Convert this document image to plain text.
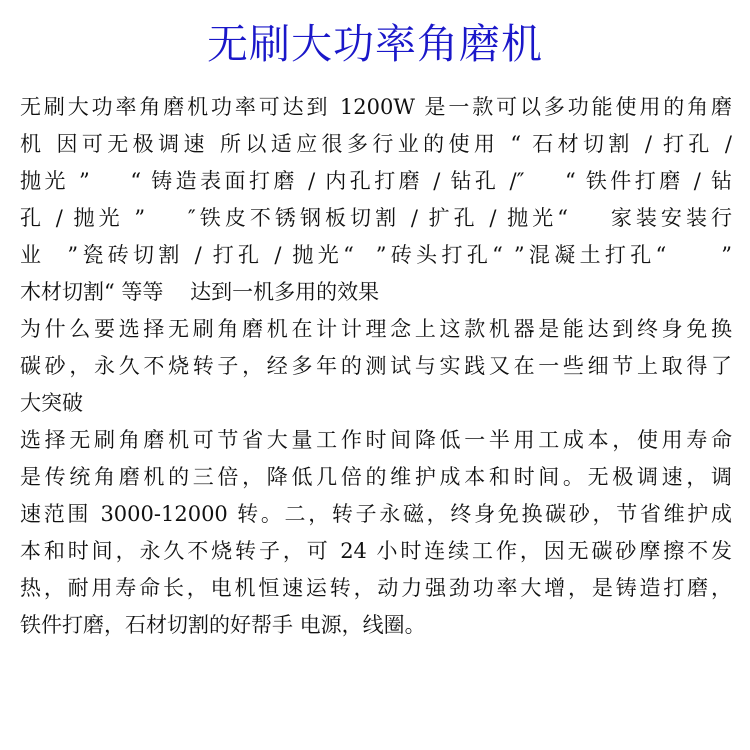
无刷大功率角磨机
无刷大功率角磨机功率可达到 1200W 是一款可以多功能使用的角磨
机 因可无极调速 所以适应很多行业的使用 “ 石材切割 / 打孔 /
抛光 ”    “ 铸造表面打磨 / 内孔打磨 / 钻孔 /″    “ 铁件打磨 / 钻
孔 / 抛光 ”    ″铁皮不锈钢板切割 / 扩孔 / 抛光“    家装安装行
业  ”瓷砖切割 / 打孔 / 抛光“  ”砖头打孔“ ”混凝土打孔“     ”
木材切割“ 等等    达到一机多用的效果
为什么要选择无刷角磨机在计计理念上这款机器是能达到终身免换
碳砂，永久不烧转子，经多年的测试与实践又在一些细节上取得了
大突破
选择无刷角磨机可节省大量工作时间降低一半用工成本，使用寿命
是传统角磨机的三倍，降低几倍的维护成本和时间。无极调速，调
速范围 3000-12000 转。二，转子永磁，终身免换碳砂，节省维护成
本和时间，永久不烧转子，可 24 小时连续工作，因无碳砂摩擦不发
热，耐用寿命长，电机恒速运转，动力强劲功率大增，是铸造打磨，
铁件打磨，石材切割的好帮手 电源，线圈。
